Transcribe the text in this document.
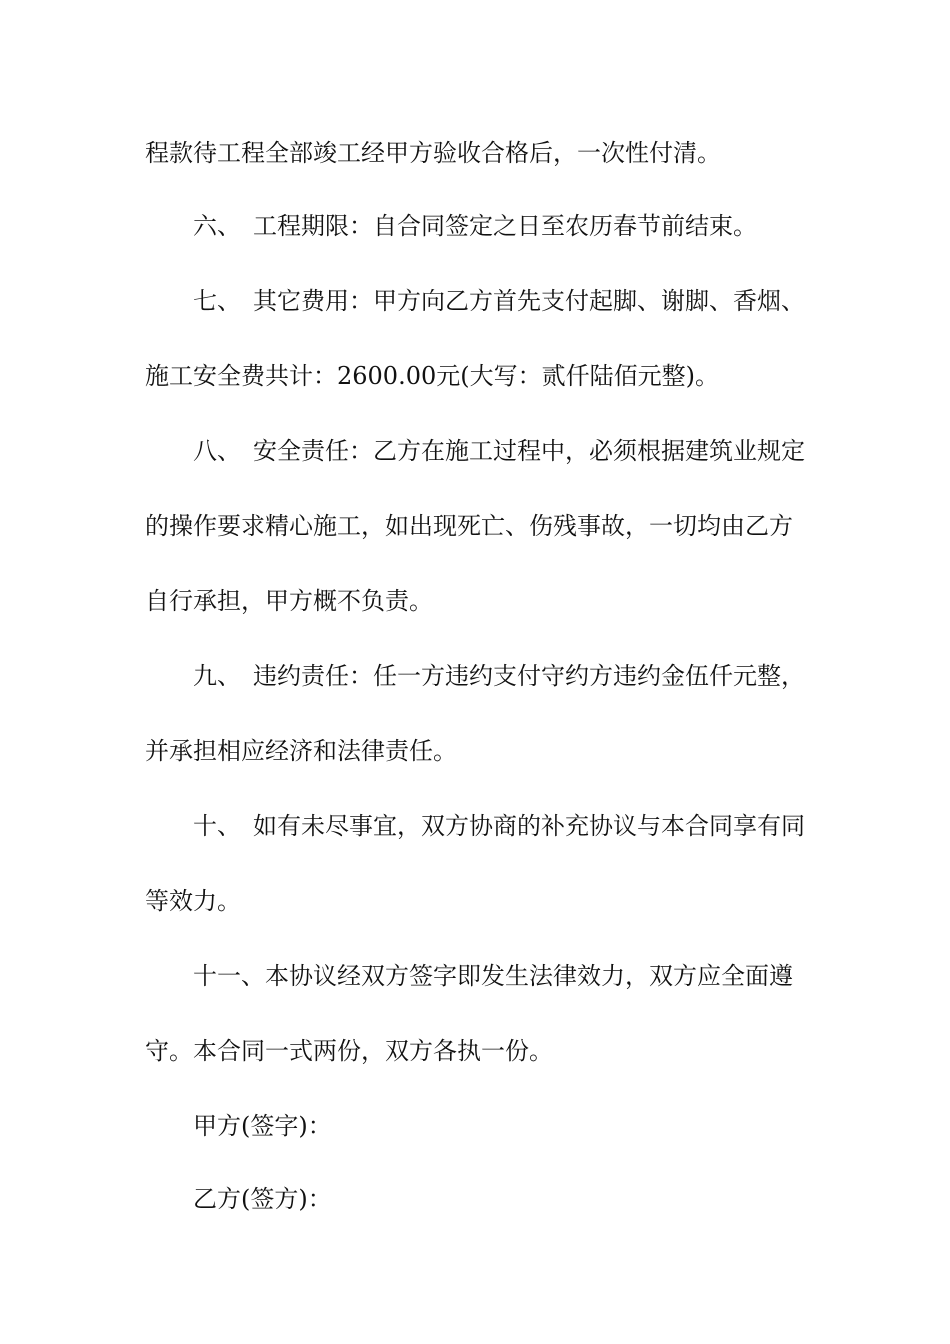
程款待工程全部竣工经甲方验收合格后，一次性付清。
六、 工程期限：自合同签定之日至农历春节前结束。
七、 其它费用：甲方向乙方首先支付起脚、谢脚、香烟、
施工安全费共计：2600.00元(大写：贰仟陆佰元整)。
八、 安全责任：乙方在施工过程中，必须根据建筑业规定
的操作要求精心施工，如出现死亡、伤残事故，一切均由乙方
自行承担，甲方概不负责。
九、 违约责任：任一方违约支付守约方违约金伍仟元整，
并承担相应经济和法律责任。
十、 如有未尽事宜，双方协商的补充协议与本合同享有同
等效力。
十一、本协议经双方签字即发生法律效力，双方应全面遵
守。本合同一式两份，双方各执一份。
甲方(签字)：
乙方(签方)：
